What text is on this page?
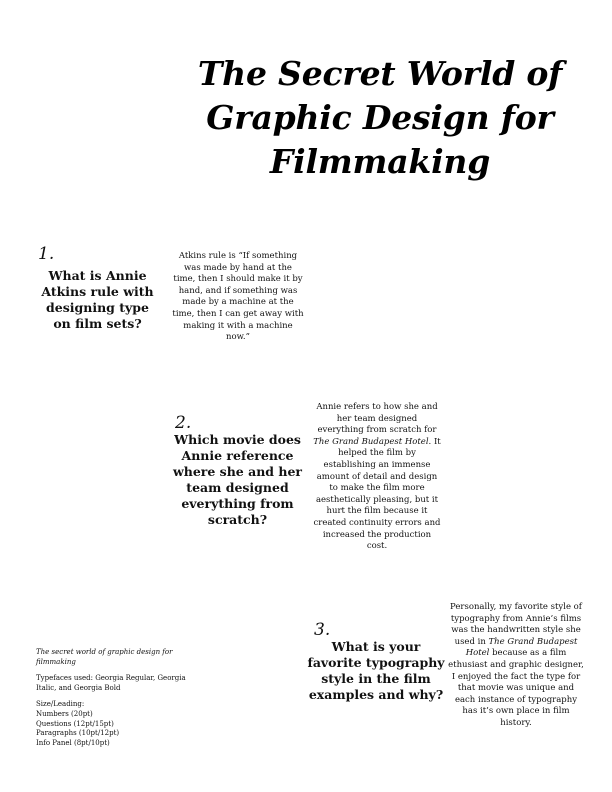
The Secret World of
Graphic Design for
Filmmaking
1.
What is Annie Atkins rule with designing type on film sets?
Atkins rule is “If something was made by hand at the time, then I should make it by hand, and if something was made by a machine at the time, then I can get away with making it with a machine now.”
2.
Which movie does Annie reference where she and her team designed everything from scratch?
Annie refers to how she and her team designed everything from scratch for The Grand Budapest Hotel. It helped the film by establishing an immense amount of detail and design to make the film more aesthetically pleasing, but it hurt the film because it created continuity errors and increased the production cost.
3.
What is your favorite typography style in the film examples and why?
Personally, my favorite style of typography from Annie’s films was the handwritten style she used in The Grand Budapest Hotel because as a film ethusiast and graphic designer, I enjoyed the fact the type for that movie was unique and each instance of typography has it’s own place in film history.
The secret world of graphic design for filmmaking
Typefaces used: Georgia Regular, Georgia Italic, and Georgia Bold
Size/Leading:
Numbers (20pt)
Questions (12pt/15pt)
Paragraphs (10pt/12pt)
Info Panel (8pt/10pt)
